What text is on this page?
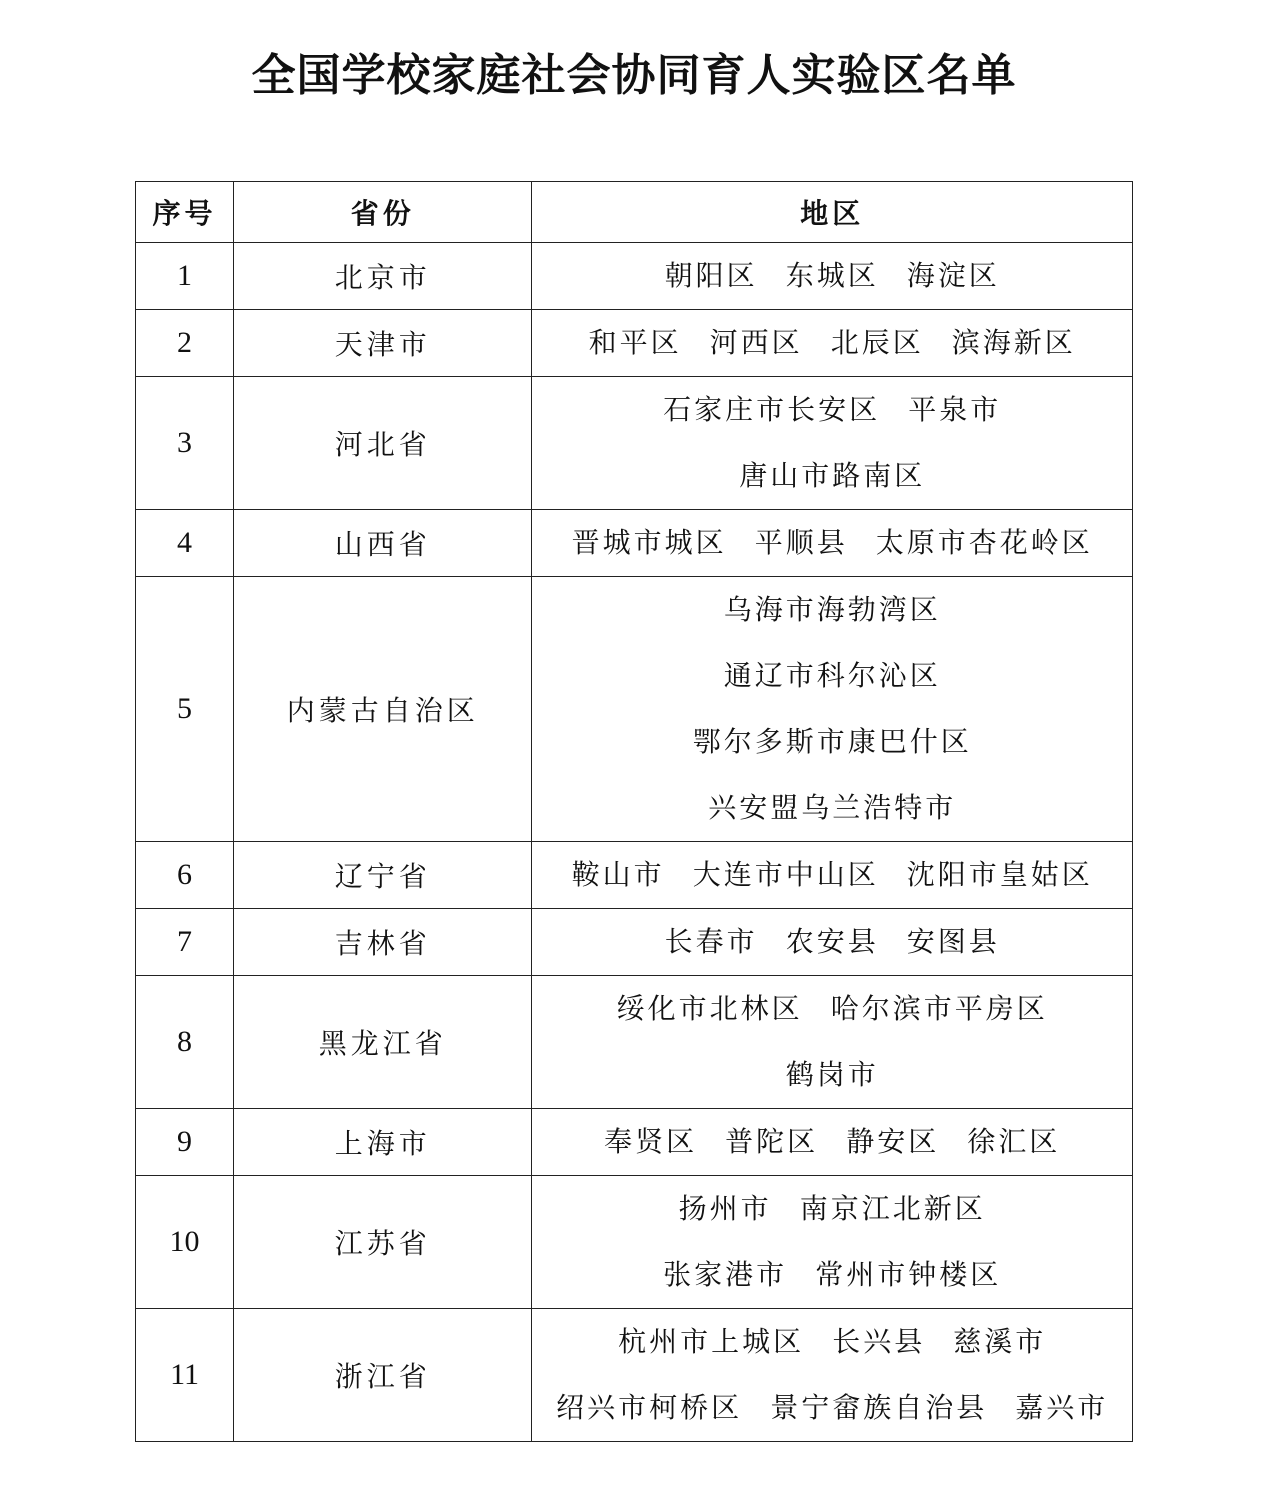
全国学校家庭社会协同育人实验区名单
序号	省份	地区
1	北京市	朝阳区 东城区 海淀区

2	天津市	和平区 河西区 北辰区 滨海新区

3	河北省	石家庄市长安区 平泉市
唐山市路南区

4	山西省	晋城市城区 平顺县 太原市杏花岭区

5	内蒙古自治区	乌海市海勃湾区
通辽市科尔沁区
鄂尔多斯市康巴什区
兴安盟乌兰浩特市

6	辽宁省	鞍山市 大连市中山区 沈阳市皇姑区

7	吉林省	长春市 农安县 安图县

8	黑龙江省	绥化市北林区 哈尔滨市平房区
鹤岗市

9	上海市	奉贤区 普陀区 静安区 徐汇区

10	江苏省	扬州市 南京江北新区
张家港市 常州市钟楼区

11	浙江省	杭州市上城区 长兴县 慈溪市
绍兴市柯桥区 景宁畲族自治县 嘉兴市
